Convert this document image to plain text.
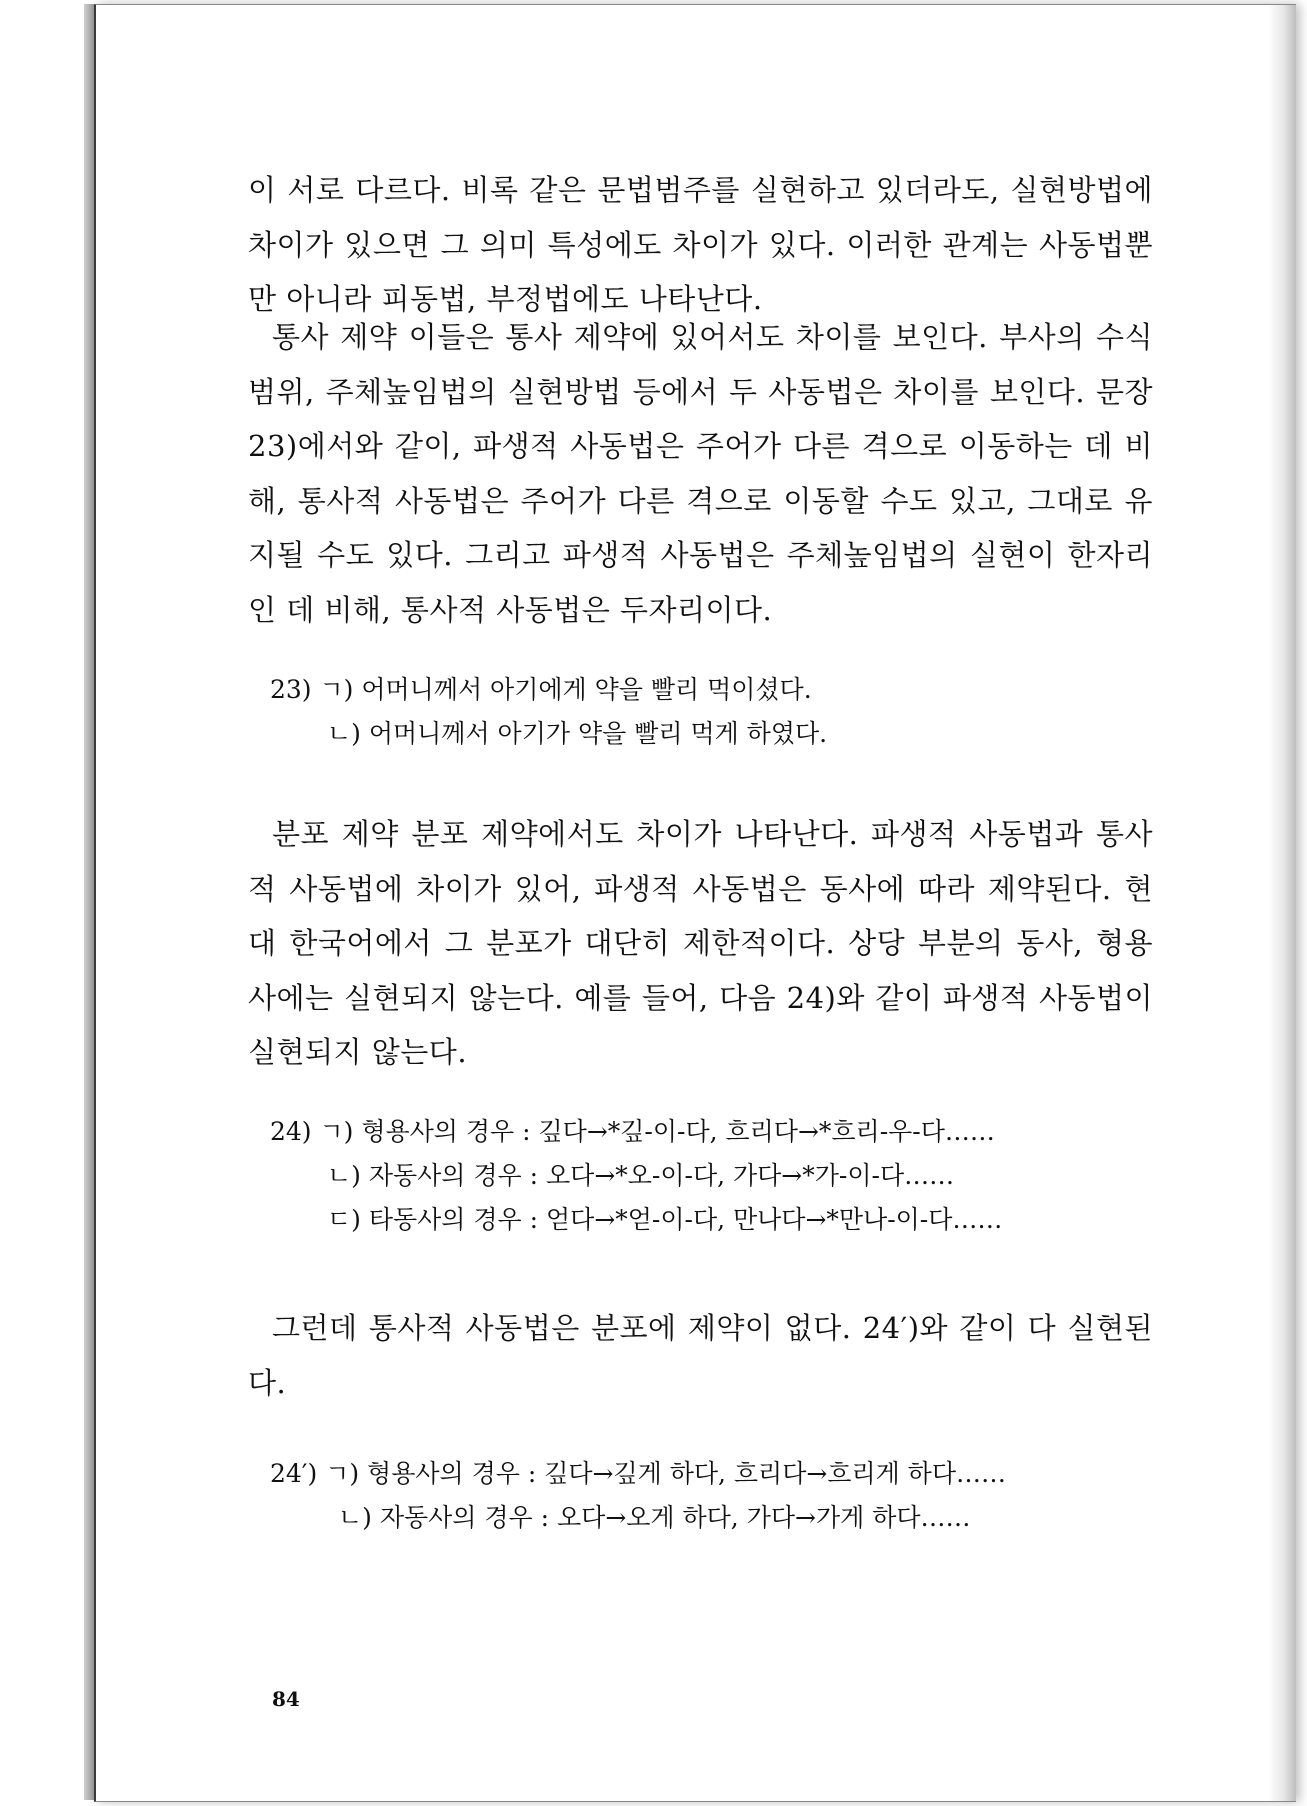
이 서로 다르다. 비록 같은 문법범주를 실현하고 있더라도, 실현방법에 차이가 있으면 그 의미 특성에도 차이가 있다. 이러한 관계는 사동법뿐만 아니라 피동법, 부정법에도 나타난다.

통사 제약 이들은 통사 제약에 있어서도 차이를 보인다. 부사의 수식 범위, 주체높임법의 실현방법 등에서 두 사동법은 차이를 보인다. 문장 23)에서와 같이, 파생적 사동법은 주어가 다른 격으로 이동하는 데 비해, 통사적 사동법은 주어가 다른 격으로 이동할 수도 있고, 그대로 유지될 수도 있다. 그리고 파생적 사동법은 주체높임법의 실현이 한자리인 데 비해, 통사적 사동법은 두자리이다.

23) ㄱ) 어머니께서 아기에게 약을 빨리 먹이셨다.
ㄴ) 어머니께서 아기가 약을 빨리 먹게 하였다.

분포 제약 분포 제약에서도 차이가 나타난다. 파생적 사동법과 통사적 사동법에 차이가 있어, 파생적 사동법은 동사에 따라 제약된다. 현대 한국어에서 그 분포가 대단히 제한적이다. 상당 부분의 동사, 형용사에는 실현되지 않는다. 예를 들어, 다음 24)와 같이 파생적 사동법이 실현되지 않는다.

24) ㄱ) 형용사의 경우 : 깊다→*깊-이-다, 흐리다→*흐리-우-다……
ㄴ) 자동사의 경우 : 오다→*오-이-다, 가다→*가-이-다……
ㄷ) 타동사의 경우 : 얻다→*얻-이-다, 만나다→*만나-이-다……

그런데 통사적 사동법은 분포에 제약이 없다. 24′)와 같이 다 실현된다.

24′) ㄱ) 형용사의 경우 : 깊다→깊게 하다, 흐리다→흐리게 하다……
ㄴ) 자동사의 경우 : 오다→오게 하다, 가다→가게 하다……
84
